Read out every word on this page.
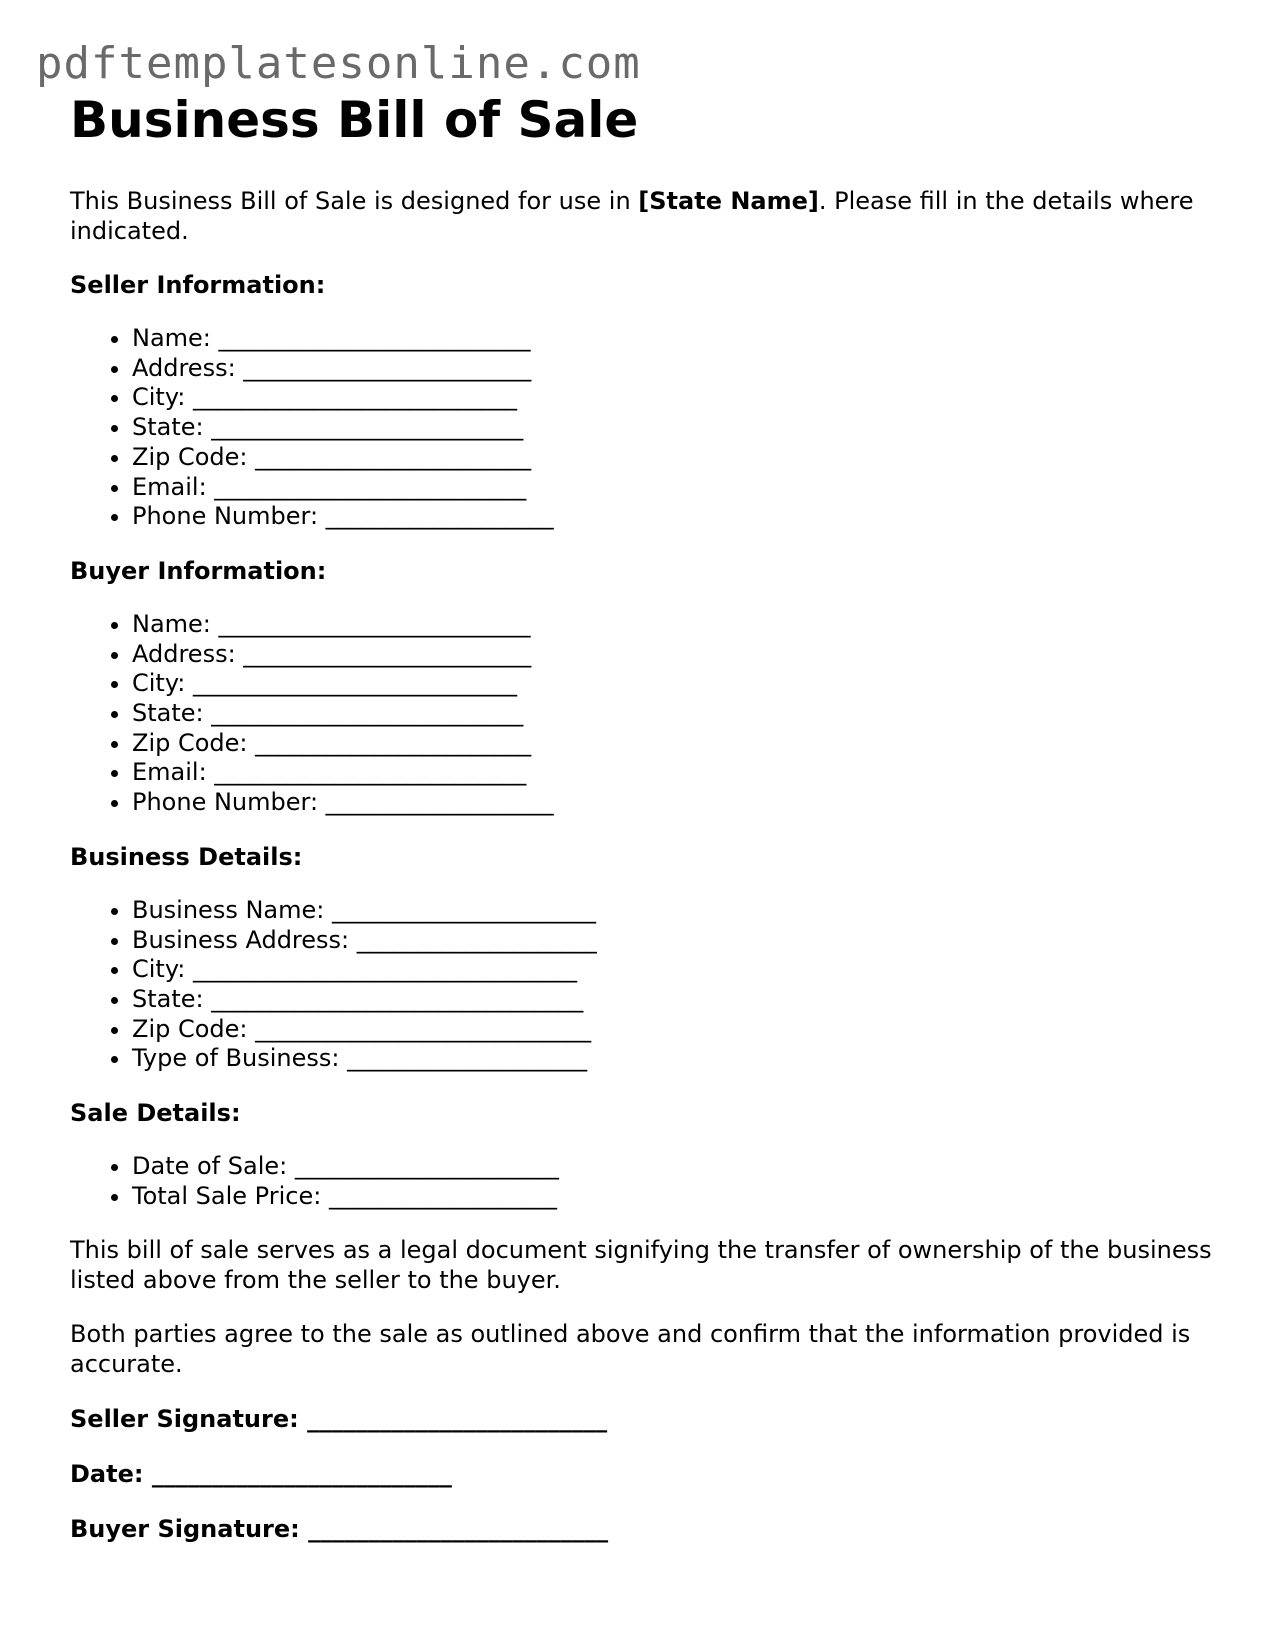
pdftemplatesonline.com
Business Bill of Sale

This Business Bill of Sale is designed for use in [State Name]. Please fill in the details where indicated.

Seller Information:

• Name: __________________________
• Address: ________________________
• City: ___________________________
• State: __________________________
• Zip Code: _______________________
• Email: __________________________
• Phone Number: ___________________

Buyer Information:

• Name: __________________________
• Address: ________________________
• City: ___________________________
• State: __________________________
• Zip Code: _______________________
• Email: __________________________
• Phone Number: ___________________

Business Details:

• Business Name: ______________________
• Business Address: ____________________
• City: ________________________________
• State: _______________________________
• Zip Code: ____________________________
• Type of Business: ____________________

Sale Details:

• Date of Sale: ______________________
• Total Sale Price: ___________________

This bill of sale serves as a legal document signifying the transfer of ownership of the business listed above from the seller to the buyer.

Both parties agree to the sale as outlined above and confirm that the information provided is accurate.

Seller Signature: _________________________

Date: _________________________

Buyer Signature: _________________________
